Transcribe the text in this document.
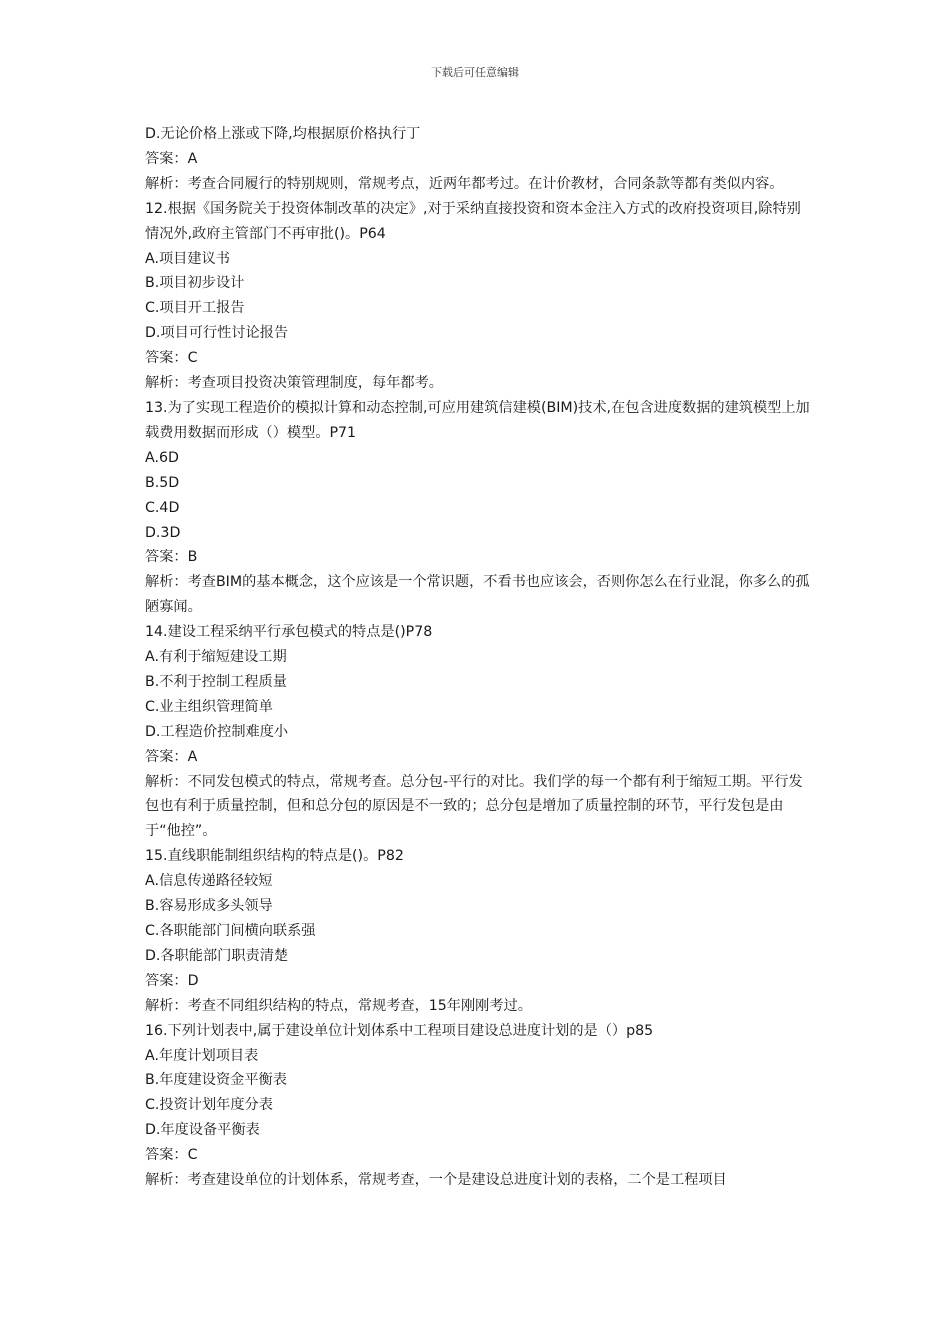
下载后可任意编辑
D.无论价格上涨或下降,均根据原价格执行丁
答案：A
解析：考查合同履行的特别规则，常规考点，近两年都考过。在计价教材，合同条款等都有类似内容。
12.根据《国务院关于投资体制改革的决定》,对于采纳直接投资和资本金注入方式的改府投资项目,除特别情况外,政府主管部门不再审批()。P64
A.项目建议书
B.项目初步设计
C.项目开工报告
D.项目可行性讨论报告
答案：C
解析：考查项目投资决策管理制度，每年都考。
13.为了实现工程造价的模拟计算和动态控制,可应用建筑信建模(BIM)技术,在包含进度数据的建筑模型上加载费用数据而形成（）模型。P71
A.6D
B.5D
C.4D
D.3D
答案：B
解析：考查BIM的基本概念，这个应该是一个常识题，不看书也应该会，否则你怎么在行业混，你多么的孤陋寡闻。
14.建设工程采纳平行承包模式的特点是()P78
A.有利于缩短建设工期
B.不利于控制工程质量
C.业主组织管理简单
D.工程造价控制难度小
答案：A
解析：不同发包模式的特点，常规考查。总分包-平行的对比。我们学的每一个都有利于缩短工期。平行发包也有利于质量控制，但和总分包的原因是不一致的；总分包是增加了质量控制的环节，平行发包是由于“他控”。
15.直线职能制组织结构的特点是()。P82
A.信息传递路径较短
B.容易形成多头领导
C.各职能部门间横向联系强
D.各职能部门职责清楚
答案：D
解析：考查不同组织结构的特点，常规考查，15年刚刚考过。
16.下列计划表中,属于建设单位计划体系中工程项目建设总进度计划的是（）p85
A.年度计划项目表
B.年度建设资金平衡表
C.投资计划年度分表
D.年度设备平衡表
答案：C
解析：考查建设单位的计划体系，常规考查，一个是建设总进度计划的表格，二个是工程项目
